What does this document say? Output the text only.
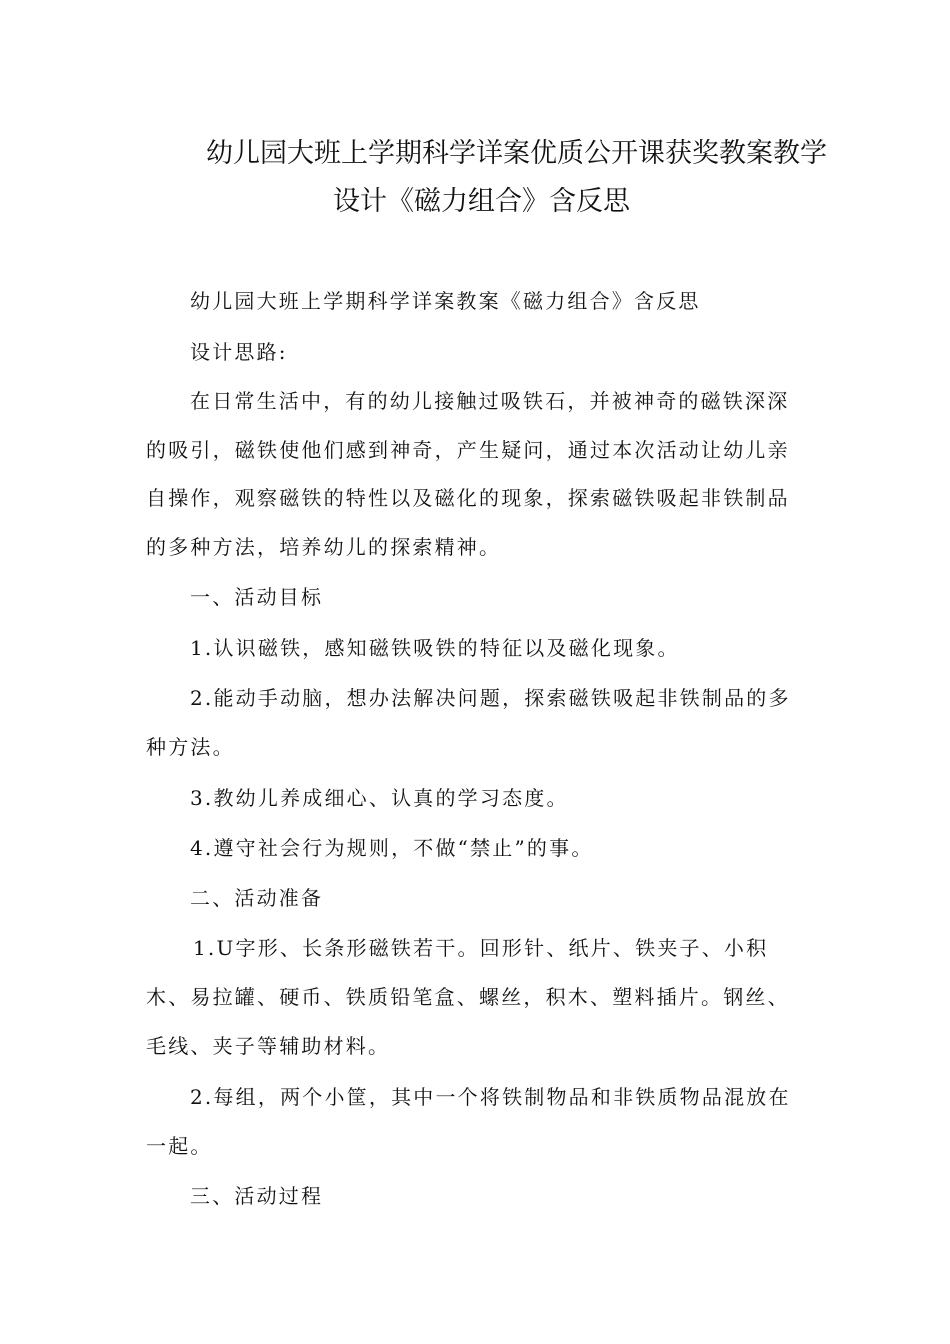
幼儿园大班上学期科学详案优质公开课获奖教案教学
设计《磁力组合》含反思
幼儿园大班上学期科学详案教案《磁力组合》含反思
设计思路:
在日常生活中，有的幼儿接触过吸铁石，并被神奇的磁铁深深
的吸引，磁铁使他们感到神奇，产生疑问，通过本次活动让幼儿亲
自操作，观察磁铁的特性以及磁化的现象，探索磁铁吸起非铁制品
的多种方法，培养幼儿的探索精神。
一、活动目标
1.认识磁铁，感知磁铁吸铁的特征以及磁化现象。
2.能动手动脑，想办法解决问题，探索磁铁吸起非铁制品的多
种方法。
3.教幼儿养成细心、认真的学习态度。
4.遵守社会行为规则，不做“禁止”的事。
二、活动准备
1.U字形、长条形磁铁若干。回形针、纸片、铁夹子、小积
木、易拉罐、硬币、铁质铅笔盒、螺丝，积木、塑料插片。钢丝、
毛线、夹子等辅助材料。
2.每组，两个小筐，其中一个将铁制物品和非铁质物品混放在
一起。
三、活动过程
